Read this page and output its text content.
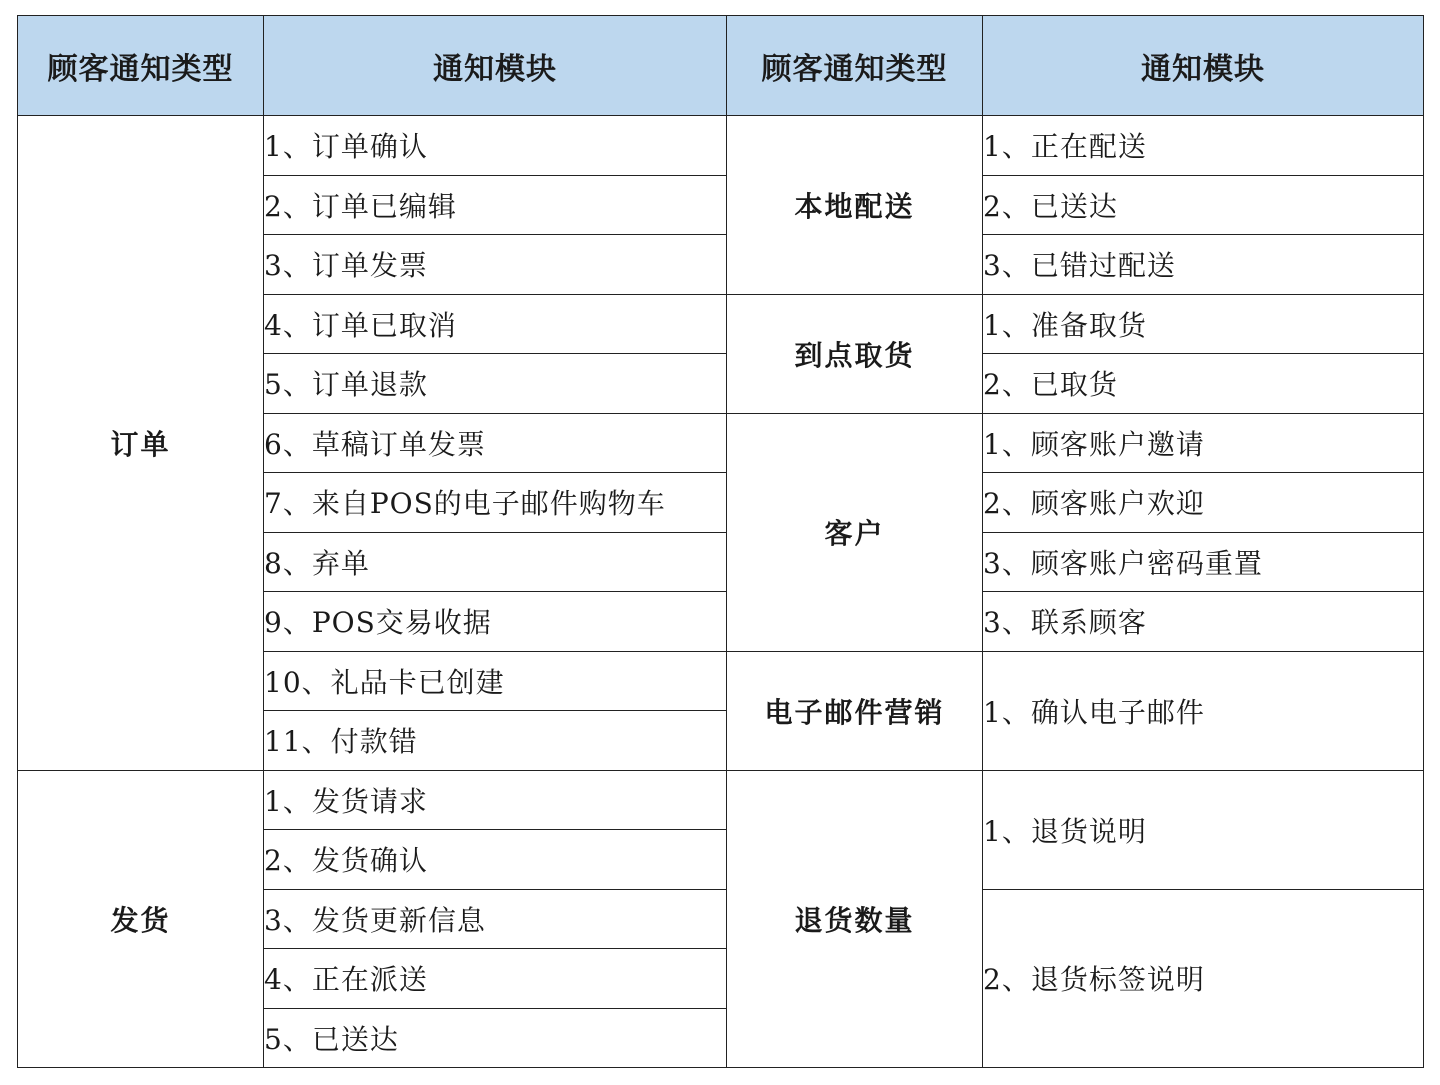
顾客通知类型	通知模块	顾客通知类型	通知模块
订单	1、订单确认	本地配送	1、正在配送
	2、订单已编辑		2、已送达
	3、订单发票		3、已错过配送
	4、订单已取消	到点取货	1、准备取货
	5、订单退款		2、已取货
	6、草稿订单发票	客户	1、顾客账户邀请
	7、来自POS的电子邮件购物车		2、顾客账户欢迎
	8、弃单		3、顾客账户密码重置
	9、POS交易收据		3、联系顾客
	10、礼品卡已创建	电子邮件营销	1、确认电子邮件
	11、付款错		
发货	1、发货请求	退货数量	1、退货说明
	2、发货确认		
	3、发货更新信息		2、退货标签说明
	4、正在派送		
	5、已送达		
